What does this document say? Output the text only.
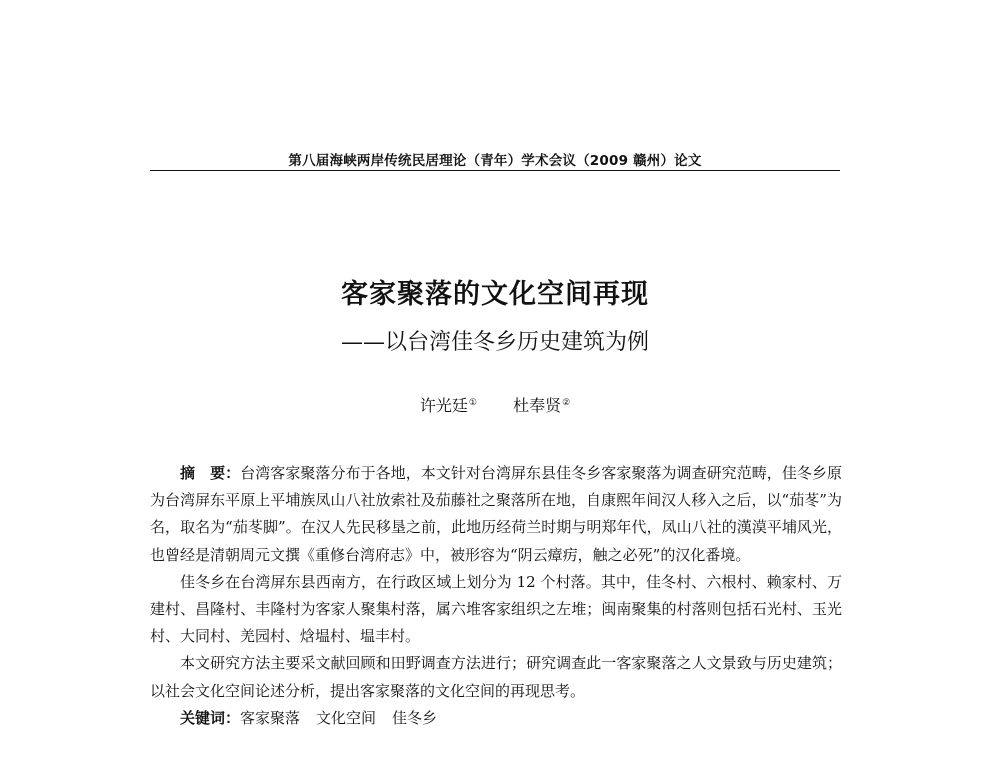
第八届海峡两岸传统民居理论（青年）学术会议（2009 赣州）论文
客家聚落的文化空间再现
——以台湾佳冬乡历史建筑为例
许光廷① 杜奉贤②

摘　要：台湾客家聚落分布于各地，本文针对台湾屏东县佳冬乡客家聚落为调查研究范畴，佳冬乡原为台湾屏东平原上平埔族凤山八社放索社及茄藤社之聚落所在地，自康熙年间汉人移入之后，以“茄苳”为名，取名为“茄苳脚”。在汉人先民移垦之前，此地历经荷兰时期与明郑年代，凤山八社的漢漠平埔风光，也曾经是清朝周元文撰《重修台湾府志》中，被形容为“阴云瘴疠，触之必死”的汉化番境。

佳冬乡在台湾屏东县西南方，在行政区域上划分为 12 个村落。其中，佳冬村、六根村、赖家村、万建村、昌隆村、丰隆村为客家人聚集村落，属六堆客家组织之左堆；闽南聚集的村落则包括石光村、玉光村、大同村、羌园村、焓塭村、塭丰村。

本文研究方法主要采文献回顾和田野调查方法进行；研究调查此一客家聚落之人文景致与历史建筑；以社会文化空间论述分析，提出客家聚落的文化空间的再现思考。

关键词：客家聚落 文化空间 佳冬乡
